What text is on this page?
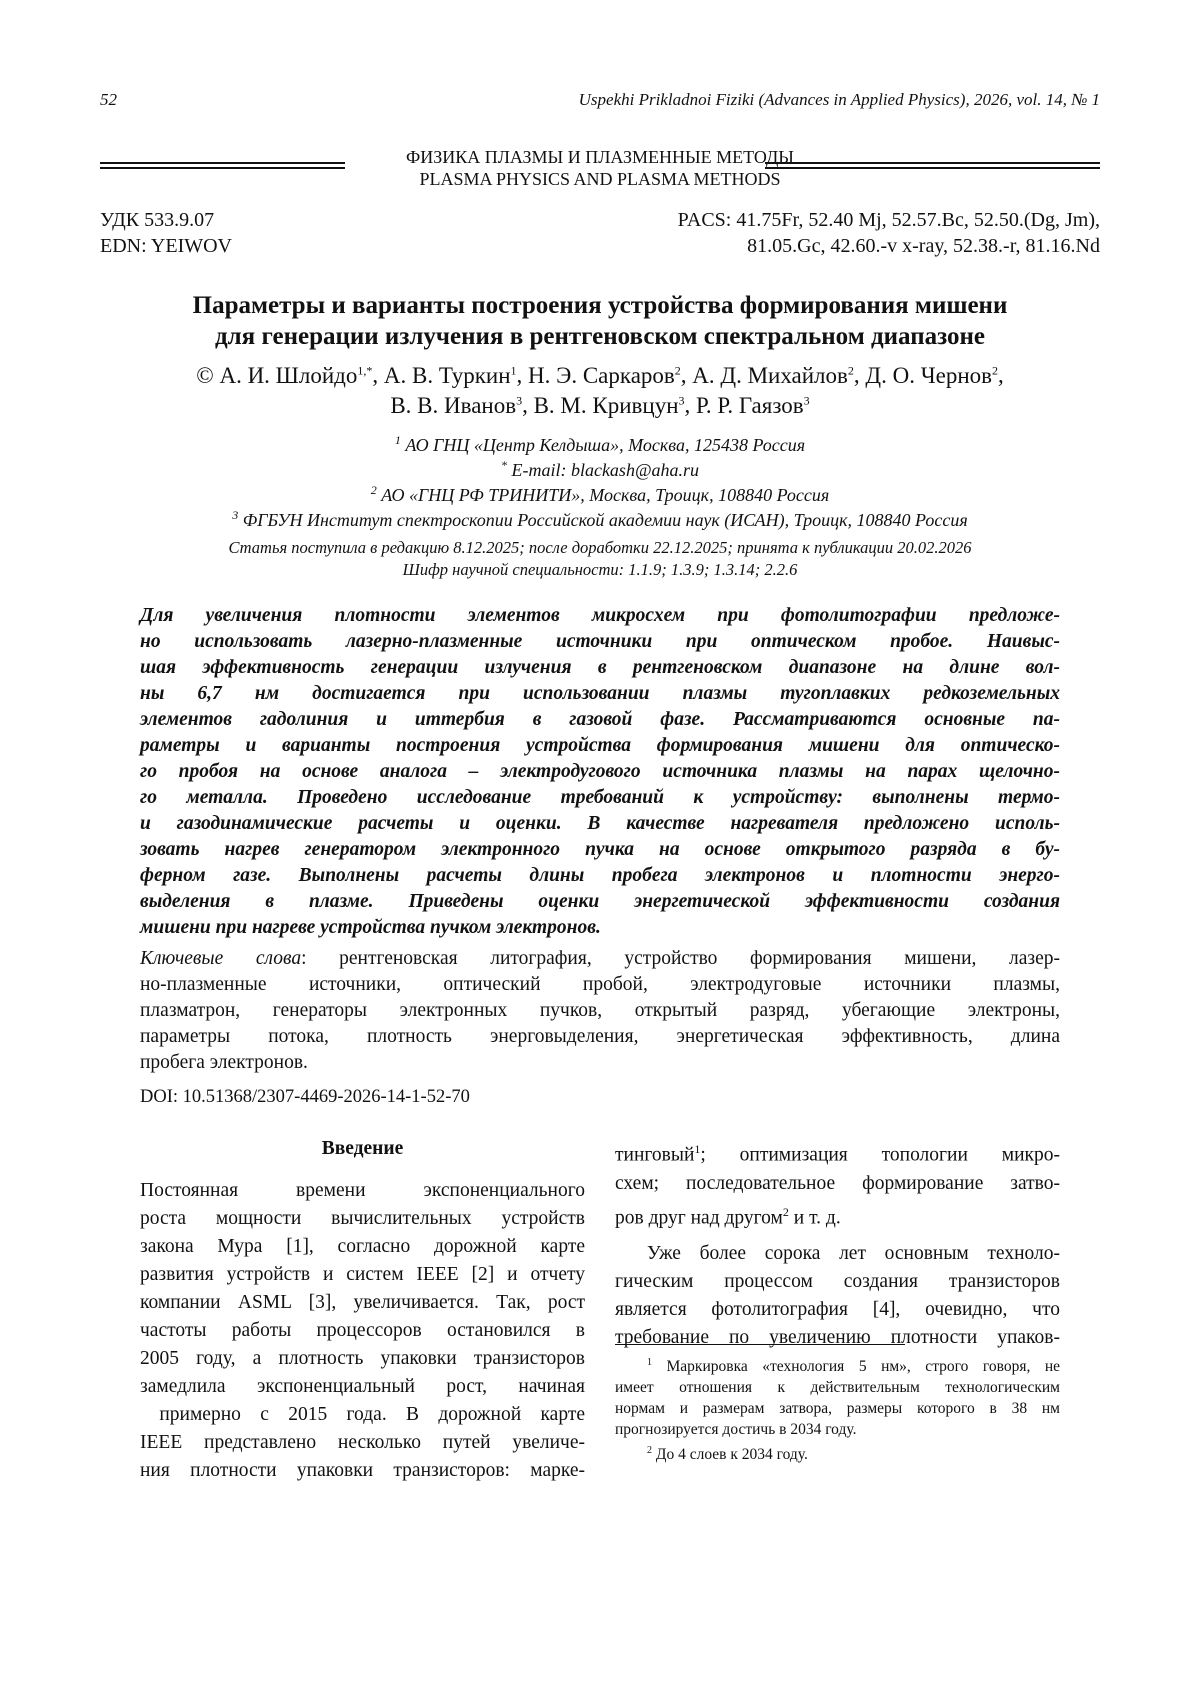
52	Uspekhi Prikladnoi Fiziki (Advances in Applied Physics), 2026, vol. 14, № 1
ФИЗИКА ПЛАЗМЫ И ПЛАЗМЕННЫЕ МЕТОДЫ
PLASMA PHYSICS AND PLASMA METHODS
УДК 533.9.07
EDN: YEIWOV
PACS: 41.75Fr, 52.40 Mj, 52.57.Bc, 52.50.(Dg, Jm),
81.05.Gc, 42.60.-v x-ray, 52.38.-r, 81.16.Nd
Параметры и варианты построения устройства формирования мишени
для генерации излучения в рентгеновском спектральном диапазоне
© А. И. Шлойдо$^{1,*}$, А. В. Туркин$^1$, Н. Э. Саркаров$^2$, А. Д. Михайлов$^2$, Д. О. Чернов$^2$,
В. В. Иванов$^3$, В. М. Кривцун$^3$, Р. Р. Гаязов$^3$
$^1$ АО ГНЦ «Центр Келдыша», Москва, 125438 Россия
* E-mail: blackash@aha.ru
$^2$ АО «ГНЦ РФ ТРИНИТИ», Москва, Троицк, 108840 Россия
$^3$ ФГБУН Институт спектроскопии Российской академии наук (ИСАН), Троицк, 108840 Россия
Статья поступила в редакцию 8.12.2025; после доработки 22.12.2025; принята к публикации 20.02.2026
Шифр научной специальности: 1.1.9; 1.3.9; 1.3.14; 2.2.6
Для увеличения плотности элементов микросхем при фотолитографии предложе-
но использовать лазерно-плазменные источники при оптическом пробое. Наивыс-
шая эффективность генерации излучения в рентгеновском диапазоне на длине вол-
ны 6,7 нм достигается при использовании плазмы тугоплавких редкоземельных
элементов гадолиния и иттербия в газовой фазе. Рассматриваются основные па-
раметры и варианты построения устройства формирования мишени для оптическо-
го пробоя на основе аналога – электродугового источника плазмы на парах щелочно-
го металла. Проведено исследование требований к устройству: выполнены термо-
и газодинамические расчеты и оценки. В качестве нагревателя предложено исполь-
зовать нагрев генератором электронного пучка на основе открытого разряда в бу-
ферном газе. Выполнены расчеты длины пробега электронов и плотности энерго-
выделения в плазме. Приведены оценки энергетической эффективности создания
мишени при нагреве устройства пучком электронов.
Ключевые слова: рентгеновская литография, устройство формирования мишени, лазер-
но-плазменные источники, оптический пробой, электродуговые источники плазмы,
плазматрон, генераторы электронных пучков, открытый разряд, убегающие электроны,
параметры потока, плотность энерговыделения, энергетическая эффективность, длина
пробега электронов.
DOI: 10.51368/2307-4469-2026-14-1-52-70
Введение
Постоянная времени экспоненциального
роста мощности вычислительных устройств
закона Мура [1], согласно дорожной карте
развития устройств и систем IEEE [2] и отчету
компании ASML [3], увеличивается. Так, рост
частоты работы процессоров остановился в
2005 году, а плотность упаковки транзисторов
замедлила экспоненциальный рост, начиная
примерно с 2015 года. В дорожной карте
IEEE представлено несколько путей увеличе-
ния плотности упаковки транзисторов: марке-
тинговый$^1$; оптимизация топологии микро-
схем; последовательное формирование затво-
ров друг над другом$^2$ и т. д.
Уже более сорока лет основным техноло-
гическим процессом создания транзисторов
является фотолитография [4], очевидно, что
требование по увеличению плотности упаков-
$^1$ Маркировка «технология 5 нм», строго говоря, не
имеет отношения к действительным технологическим
нормам и размерам затвора, размеры которого в 38 нм
прогнозируется достичь в 2034 году.
$^2$ До 4 слоев к 2034 году.
